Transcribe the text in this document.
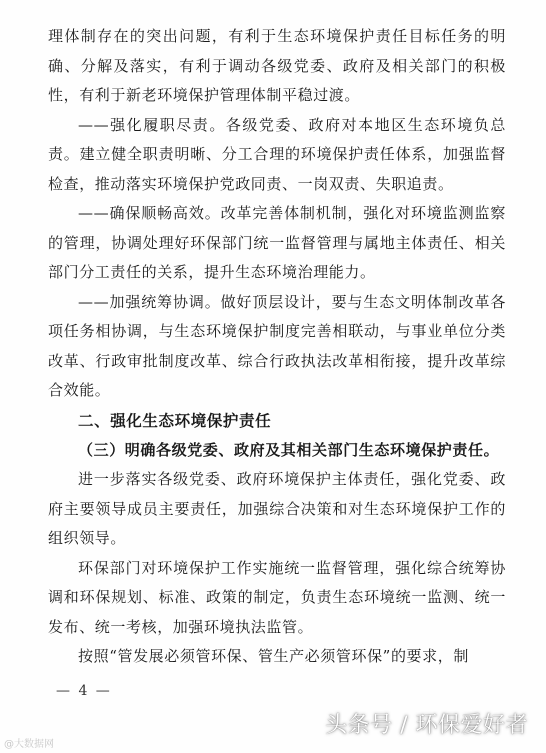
理体制存在的突出问题，有利于生态环境保护责任目标任务的明确、分解及落实，有利于调动各级党委、政府及相关部门的积极性，有利于新老环境保护管理体制平稳过渡。

——强化履职尽责。各级党委、政府对本地区生态环境负总责。建立健全职责明晰、分工合理的环境保护责任体系，加强监督检查，推动落实环境保护党政同责、一岗双责、失职追责。

——确保顺畅高效。改革完善体制机制，强化对环境监测监察的管理，协调处理好环保部门统一监督管理与属地主体责任、相关部门分工责任的关系，提升生态环境治理能力。

——加强统筹协调。做好顶层设计，要与生态文明体制改革各项任务相协调，与生态环境保护制度完善相联动，与事业单位分类改革、行政审批制度改革、综合行政执法改革相衔接，提升改革综合效能。

二、强化生态环境保护责任

（三）明确各级党委、政府及其相关部门生态环境保护责任。

进一步落实各级党委、政府环境保护主体责任，强化党委、政府主要领导成员主要责任，加强综合决策和对生态环境保护工作的组织领导。

环保部门对环境保护工作实施统一监督管理，强化综合统筹协调和环保规划、标准、政策的制定，负责生态环境统一监测、统一发布、统一考核，加强环境执法监管。

按照“管发展必须管环保、管生产必须管环保”的要求，制

— 4 —
@大数据网
头条号 / 环保爱好者
